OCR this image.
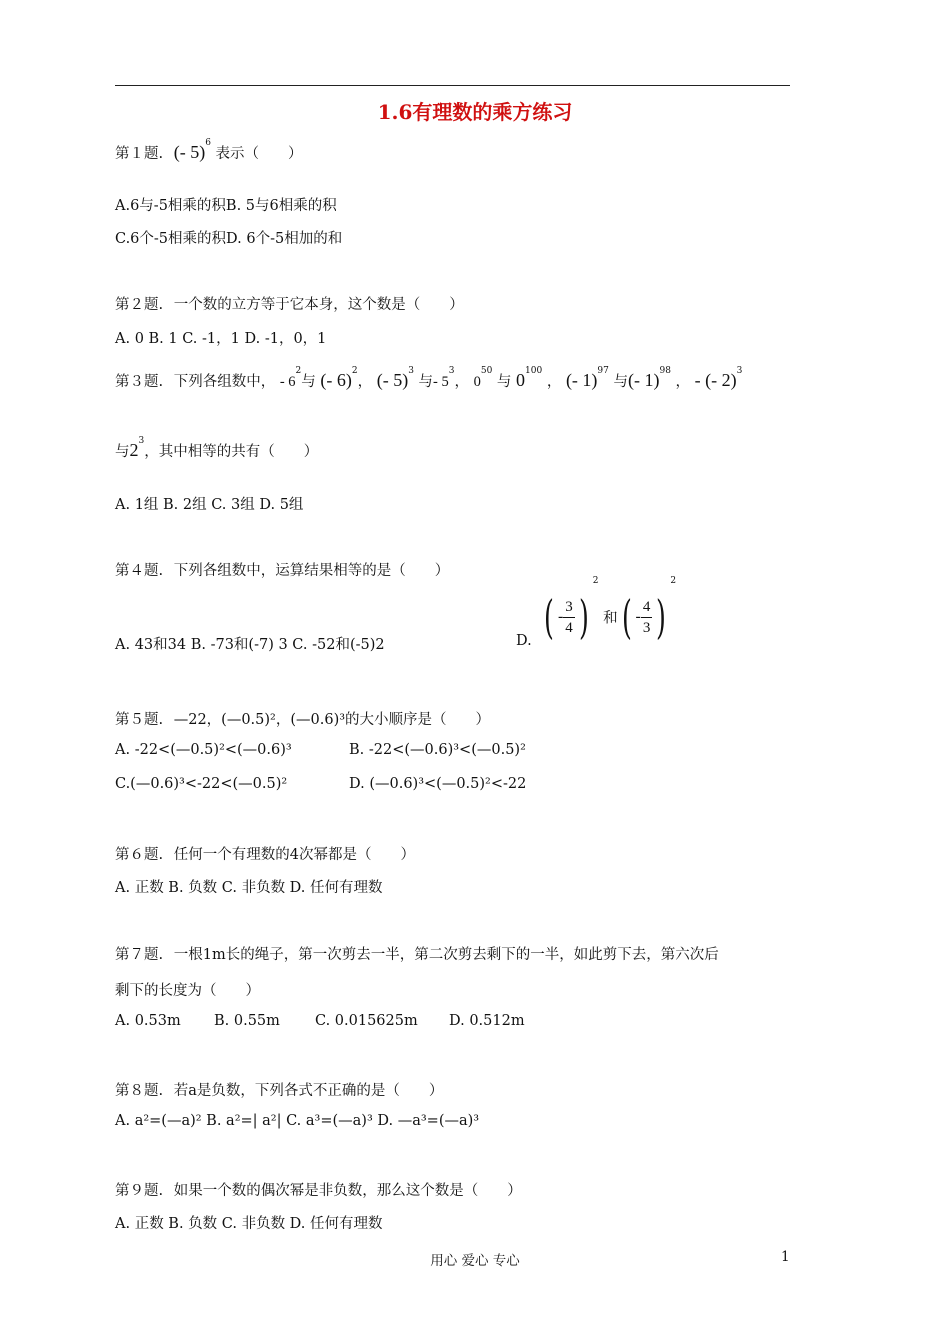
1.6有理数的乘方练习
第１题. (- 5)$^6$ 表示（　　）
A.6与-5相乘的积B. 5与6相乘的积
C.6个-5相乘的积D. 6个-5相加的和
第２题. 一个数的立方等于它本身，这个数是（　　）
A. 0 B. 1 C. -1，1 D. -1，0，1
第３题. 下列各组数中， - $6^2$与 (- 6)$^2$， (- 5)$^3$ 与- $5^3$， $0^{50}$ 与 $0^{100}$ ， (- 1)$^{97}$ 与(- 1)$^{98}$ ， - (- 2)$^3$
与$2^3$，其中相等的共有（　　）
A. 1组 B. 2组 C. 3组 D. 5组
第４题. 下列各组数中，运算结果相等的是（　　）
A. 43和34 B. -73和(-7) 3 C. -52和(-5)2	D. ( - $\frac{3}{4} )^2$ 和( - $\frac{4}{3} )^2$
第５题. —22，(—0.5)²，(—0.6)³的大小顺序是（　　）
A. -22<(—0.5)²<(—0.6)³	B. -22<(—0.6)³<(—0.5)²
C.(—0.6)³<-22<(—0.5)²	D. (—0.6)³<(—0.5)²<-22
第６题. 任何一个有理数的4次幂都是（　　）
A. 正数 B. 负数 C. 非负数 D. 任何有理数
第７题. 一根1m长的绳子，第一次剪去一半，第二次剪去剩下的一半，如此剪下去，第六次后
剩下的长度为（　　）
A. 0.53m B. 0.55m C. 0.015625m D. 0.512m
第８题. 若a是负数，下列各式不正确的是（　　）
A. a²=(—a)² B. a²=| a²| C. a³=(—a)³ D. —a³=(—a)³
第９题. 如果一个数的偶次幂是非负数，那么这个数是（　　）
A. 正数 B. 负数 C. 非负数 D. 任何有理数
用心 爱心 专心	1
